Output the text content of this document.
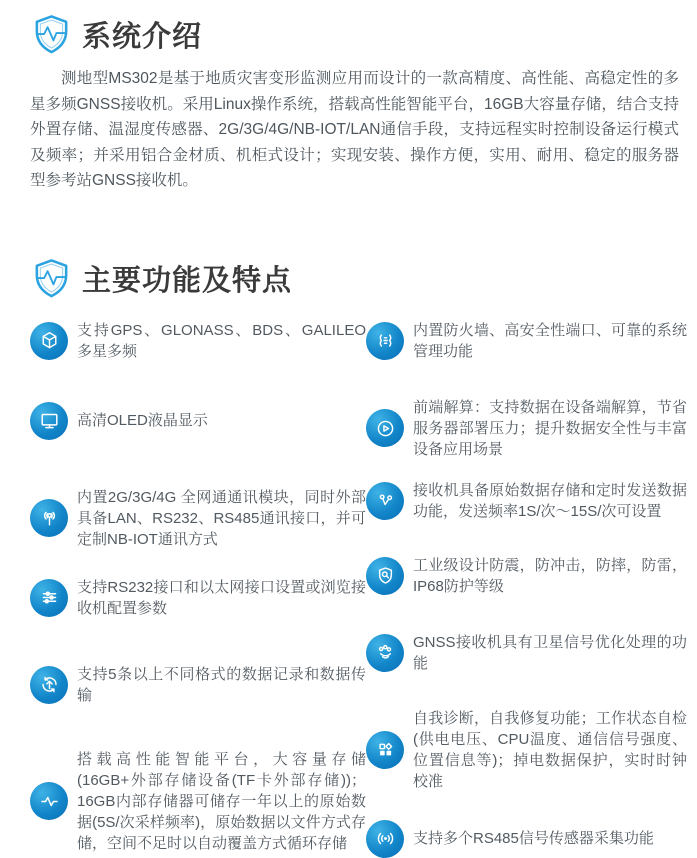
系统介绍

测地型MS302是基于地质灾害变形监测应用而设计的一款高精度、高性能、高稳定性的多星多频GNSS接收机。采用Linux操作系统，搭载高性能智能平台，16GB大容量存储，结合支持外置存储、温湿度传感器、2G/3G/4G/NB-IOT/LAN通信手段，支持远程实时控制设备运行模式及频率；并采用铝合金材质、机柜式设计；实现安装、操作方便，实用、耐用、稳定的服务器型参考站GNSS接收机。

主要功能及特点

支持GPS、GLONASS、BDS、GALILEO多星多频

高清OLED液晶显示

内置2G/3G/4G 全网通通讯模块，同时外部具备LAN、RS232、RS485通讯接口，并可定制NB-IOT通讯方式

支持RS232接口和以太网接口设置或浏览接收机配置参数

支持5条以上不同格式的数据记录和数据传输

搭载高性能智能平台，大容量存储(16GB+外部存储设备(TF卡外部存储))；16GB内部存储器可储存一年以上的原始数据(5S/次采样频率)，原始数据以文件方式存储，空间不足时以自动覆盖方式循环存储

内置防火墙、高安全性端口、可靠的系统管理功能

前端解算：支持数据在设备端解算，节省服务器部署压力；提升数据安全性与丰富设备应用场景

接收机具备原始数据存储和定时发送数据功能，发送频率1S/次～15S/次可设置

工业级设计防震，防冲击，防摔，防雷，IP68防护等级

GNSS接收机具有卫星信号优化处理的功能

自我诊断，自我修复功能；工作状态自检(供电电压、CPU温度、通信信号强度、位置信息等)；掉电数据保护，实时时钟校准

支持多个RS485信号传感器采集功能
